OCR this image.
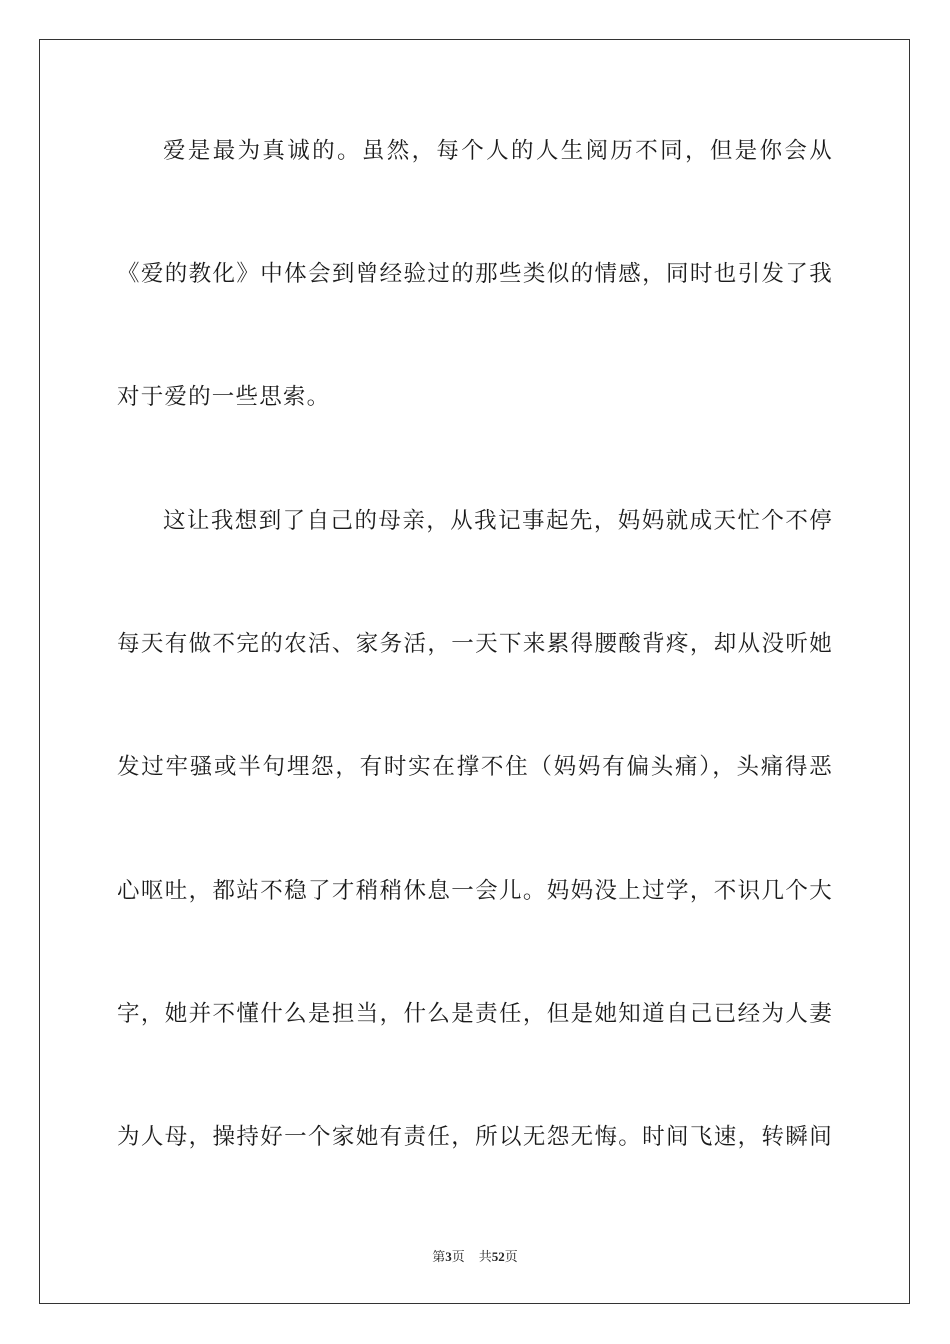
爱是最为真诚的。虽然，每个人的人生阅历不同，但是你会从
《爱的教化》中体会到曾经验过的那些类似的情感，同时也引发了我
对于爱的一些思索。
这让我想到了自己的母亲，从我记事起先，妈妈就成天忙个不停
每天有做不完的农活、家务活，一天下来累得腰酸背疼，却从没听她
发过牢骚或半句埋怨，有时实在撑不住（妈妈有偏头痛），头痛得恶
心呕吐，都站不稳了才稍稍休息一会儿。妈妈没上过学，不识几个大
字，她并不懂什么是担当，什么是责任，但是她知道自己已经为人妻
为人母，操持好一个家她有责任，所以无怨无悔。时间飞速，转瞬间
第3页 共52页
